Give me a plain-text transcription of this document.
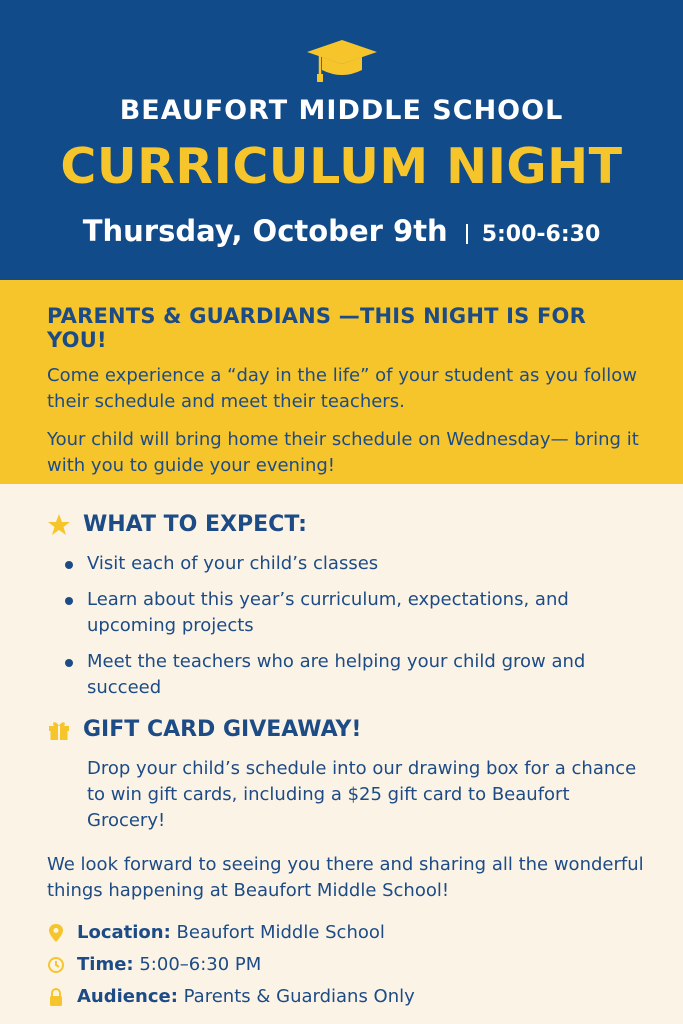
BEAUFORT MIDDLE SCHOOL
CURRICULUM NIGHT
Thursday, October 9th 5:00-6:30
PARENTS & GUARDIANS —THIS NIGHT IS FOR YOU!

Come experience a “day in the life” of your student as you follow their schedule and meet their teachers.

Your child will bring home their schedule on Wednesday— bring it with you to guide your evening!

WHAT TO EXPECT:
Visit each of your child’s classes
Learn about this year’s curriculum, expectations, and upcoming projects
Meet the teachers who are helping your child grow and succeed
GIFT CARD GIVEAWAY!

Drop your child’s schedule into our drawing box for a chance to win gift cards, including a $25 gift card to Beaufort Grocery!

We look forward to seeing you there and sharing all the wonderful things happening at Beaufort Middle School!

Location: Beaufort Middle School
Time: 5:00–6:30 PM
Audience: Parents & Guardians Only
